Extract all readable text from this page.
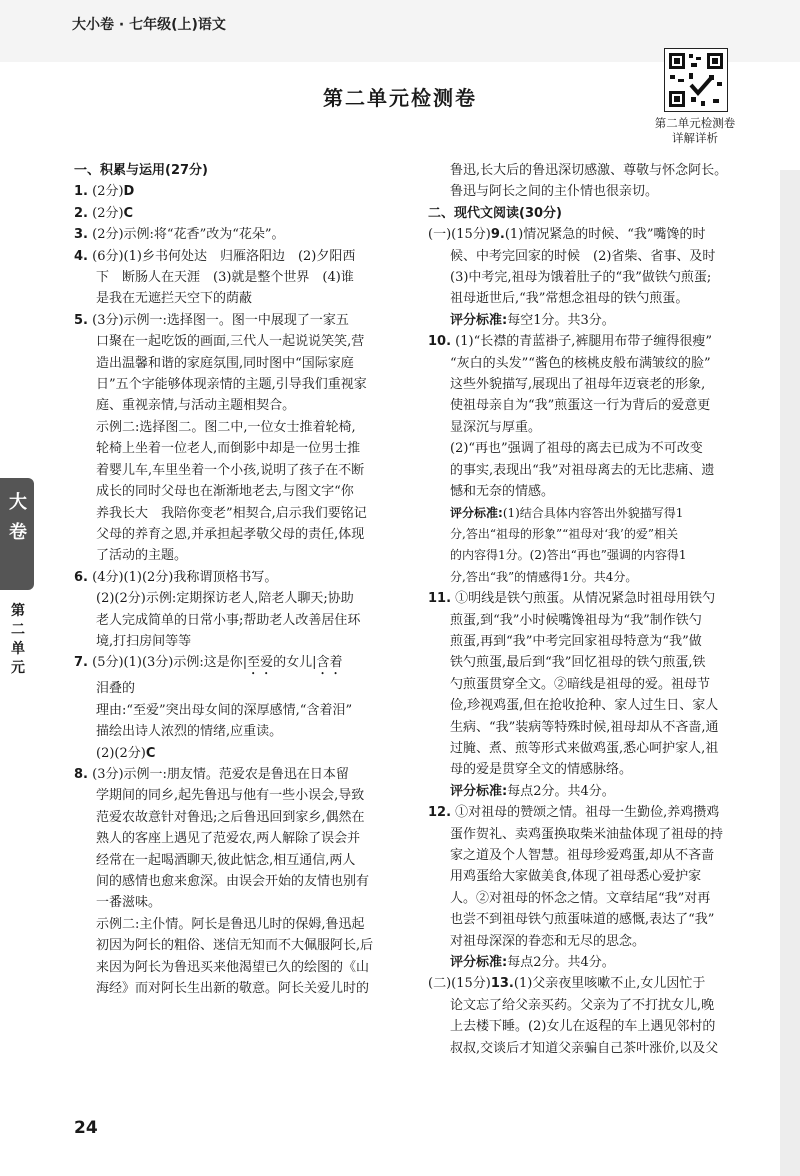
大小卷 · 七年级(上)语文
第二单元检测卷
第二单元检测卷
详解详析

一、积累与运用(27分)

1. (2分)D

2. (2分)C

3. (2分)示例:将“花香”改为“花朵”。

4. (6分)(1)乡书何处达　归雁洛阳边　(2)夕阳西

下　断肠人在天涯　(3)就是整个世界　(4)谁

是我在无遮拦天空下的荫蔽

5. (3分)示例一:选择图一。图一中展现了一家五

口聚在一起吃饭的画面,三代人一起说说笑笑,营

造出温馨和谐的家庭氛围,同时图中“国际家庭

日”五个字能够体现亲情的主题,引导我们重视家

庭、重视亲情,与活动主题相契合。

示例二:选择图二。图二中,一位女士推着轮椅,

轮椅上坐着一位老人,而倒影中却是一位男士推

着婴儿车,车里坐着一个小孩,说明了孩子在不断

成长的同时父母也在渐渐地老去,与图文字“你

养我长大　我陪你变老”相契合,启示我们要铭记

父母的养育之恩,并承担起孝敬父母的责任,体现

了活动的主题。

6. (4分)(1)(2分)我称谓顶格书写。

(2)(2分)示例:定期探访老人,陪老人聊天;协助

老人完成简单的日常小事;帮助老人改善居住环

境,打扫房间等等

7. (5分)(1)(3分)示例:这是你|至爱的女儿|含着

泪叠的

理由:“至爱”突出母女间的深厚感情,“含着泪”

描绘出诗人浓烈的情绪,应重读。

(2)(2分)C

8. (3分)示例一:朋友情。范爱农是鲁迅在日本留

学期间的同乡,起先鲁迅与他有一些小误会,导致

范爱农故意针对鲁迅;之后鲁迅回到家乡,偶然在

熟人的客座上遇见了范爱农,两人解除了误会并

经常在一起喝酒聊天,彼此惦念,相互通信,两人

间的感情也愈来愈深。由误会开始的友情也别有

一番滋味。

示例二:主仆情。阿长是鲁迅儿时的保姆,鲁迅起

初因为阿长的粗俗、迷信无知而不大佩服阿长,后

来因为阿长为鲁迅买来他渴望已久的绘图的《山

海经》而对阿长生出新的敬意。阿长关爱儿时的

鲁迅,长大后的鲁迅深切感激、尊敬与怀念阿长。

鲁迅与阿长之间的主仆情也很亲切。

二、现代文阅读(30分)

(一)(15分)9.(1)情况紧急的时候、“我”嘴馋的时

候、中考完回家的时候　(2)省柴、省事、及时

(3)中考完,祖母为饿着肚子的“我”做铁勺煎蛋;

祖母逝世后,“我”常想念祖母的铁勺煎蛋。

评分标准:每空1分。共3分。

10. (1)“长襟的青蓝褂子,裤腿用布带子缠得很瘦”

“灰白的头发”“酱色的核桃皮般布满皱纹的脸”

这些外貌描写,展现出了祖母年迈衰老的形象,

使祖母亲自为“我”煎蛋这一行为背后的爱意更

显深沉与厚重。

(2)“再也”强调了祖母的离去已成为不可改变

的事实,表现出“我”对祖母离去的无比悲痛、遗

憾和无奈的情感。

评分标准:(1)结合具体内容答出外貌描写得1

分,答出“祖母的形象”“祖母对‘我’的爱”相关

的内容得1分。(2)答出“再也”强调的内容得1

分,答出“我”的情感得1分。共4分。

11. ①明线是铁勺煎蛋。从情况紧急时祖母用铁勺

煎蛋,到“我”小时候嘴馋祖母为“我”制作铁勺

煎蛋,再到“我”中考完回家祖母特意为“我”做

铁勺煎蛋,最后到“我”回忆祖母的铁勺煎蛋,铁

勺煎蛋贯穿全文。②暗线是祖母的爱。祖母节

俭,珍视鸡蛋,但在抢收抢种、家人过生日、家人

生病、“我”装病等特殊时候,祖母却从不吝啬,通

过腌、煮、煎等形式来做鸡蛋,悉心呵护家人,祖

母的爱是贯穿全文的情感脉络。

评分标准:每点2分。共4分。

12. ①对祖母的赞颂之情。祖母一生勤俭,养鸡攒鸡

蛋作贺礼、卖鸡蛋换取柴米油盐体现了祖母的持

家之道及个人智慧。祖母珍爱鸡蛋,却从不吝啬

用鸡蛋给大家做美食,体现了祖母悉心爱护家

人。②对祖母的怀念之情。文章结尾“我”对再

也尝不到祖母铁勺煎蛋味道的感慨,表达了“我”

对祖母深深的眷恋和无尽的思念。

评分标准:每点2分。共4分。

(二)(15分)13.(1)父亲夜里咳嗽不止,女儿因忙于

论文忘了给父亲买药。父亲为了不打扰女儿,晚

上去楼下睡。(2)女儿在返程的车上遇见邻村的

叔叔,交谈后才知道父亲骗自己茶叶涨价,以及父

大
卷
第
二
单
元
24
